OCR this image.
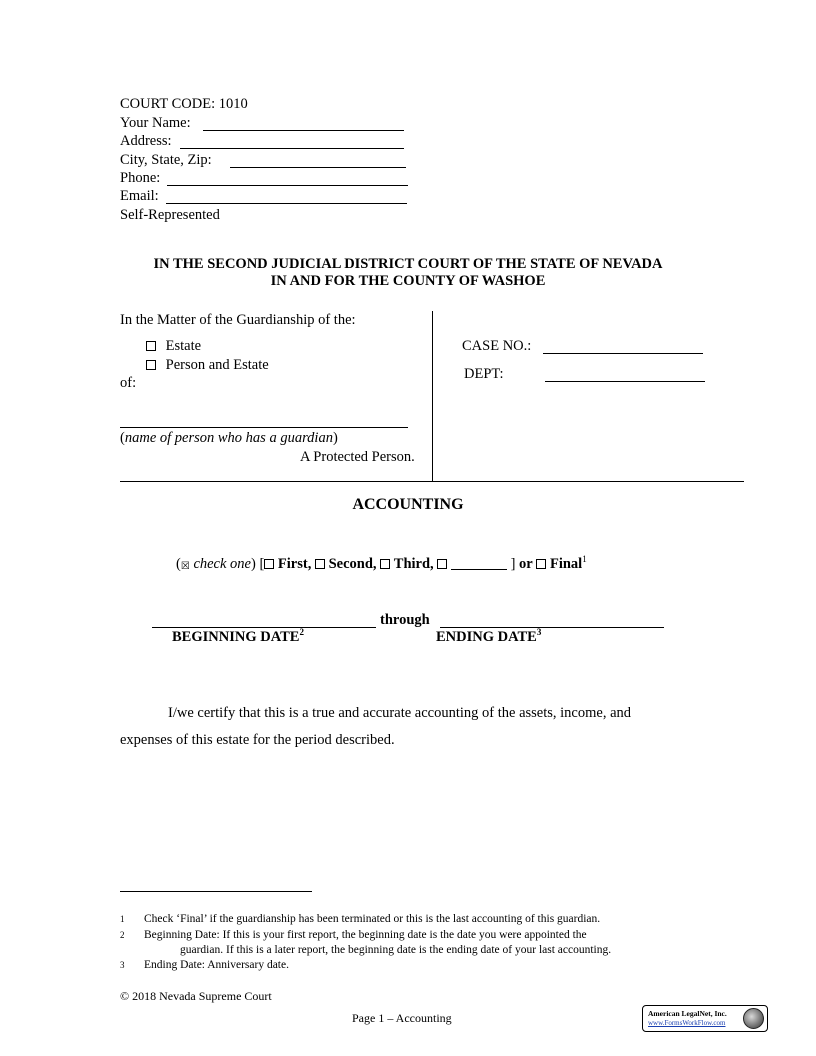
COURT CODE: 1010
Your Name:
Address:
City, State, Zip:
Phone:
Email:
Self-Represented
IN THE SECOND JUDICIAL DISTRICT COURT OF THE STATE OF NEVADA
IN AND FOR THE COUNTY OF WASHOE
In the Matter of the Guardianship of the:
Estate
Person and Estate
of:
(name of person who has a guardian)
A Protected Person.
CASE NO.:
DEPT:
ACCOUNTING
(☒ check one) [ First, Second, Third,	] or Final$^1$
through
BEGINNING DATE$^2$	ENDING DATE$^3$
I/we certify that this is a true and accurate accounting of the assets, income, and
expenses of this estate for the period described.
1 Check ‘Final’ if the guardianship has been terminated or this is the last accounting of this guardian.
2 Beginning Date: If this is your first report, the beginning date is the date you were appointed the
guardian. If this is a later report, the beginning date is the ending date of your last accounting.
3 Ending Date: Anniversary date.
© 2018 Nevada Supreme Court
Page 1 – Accounting	American LegalNet, Inc.
www.FormsWorkFlow.com
